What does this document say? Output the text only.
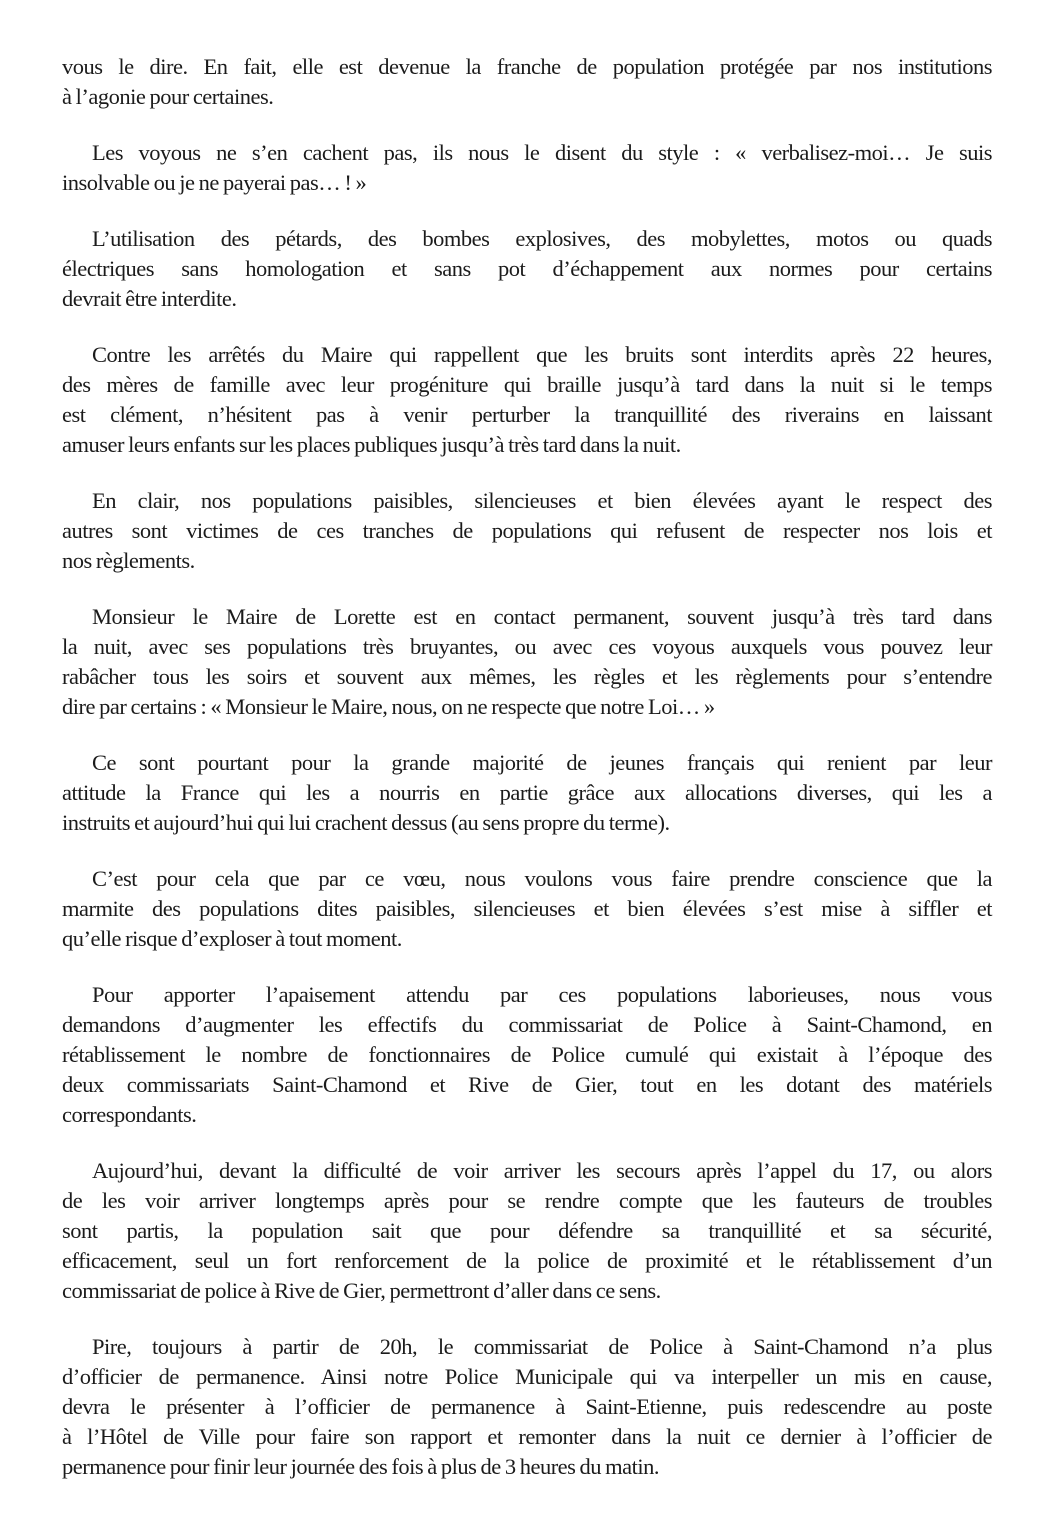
vous le dire. En fait, elle est devenue la franche de population protégée par nos institutions
à l’agonie pour certaines.

Les voyous ne s’en cachent pas, ils nous le disent du style : « verbalisez-moi… Je suis
insolvable ou je ne payerai pas… ! »

L’utilisation des pétards, des bombes explosives, des mobylettes, motos ou quads
électriques sans homologation et sans pot d’échappement aux normes pour certains
devrait être interdite.

Contre les arrêtés du Maire qui rappellent que les bruits sont interdits après 22 heures,
des mères de famille avec leur progéniture qui braille jusqu’à tard dans la nuit si le temps
est clément, n’hésitent pas à venir perturber la tranquillité des riverains en laissant
amuser leurs enfants sur les places publiques jusqu’à très tard dans la nuit.

En clair, nos populations paisibles, silencieuses et bien élevées ayant le respect des
autres sont victimes de ces tranches de populations qui refusent de respecter nos lois et
nos règlements.

Monsieur le Maire de Lorette est en contact permanent, souvent jusqu’à très tard dans
la nuit, avec ses populations très bruyantes, ou avec ces voyous auxquels vous pouvez leur
rabâcher tous les soirs et souvent aux mêmes, les règles et les règlements pour s’entendre
dire par certains : « Monsieur le Maire, nous, on ne respecte que notre Loi… »

Ce sont pourtant pour la grande majorité de jeunes français qui renient par leur
attitude la France qui les a nourris en partie grâce aux allocations diverses, qui les a
instruits et aujourd’hui qui lui crachent dessus (au sens propre du terme).

C’est pour cela que par ce vœu, nous voulons vous faire prendre conscience que la
marmite des populations dites paisibles, silencieuses et bien élevées s’est mise à siffler et
qu’elle risque d’exploser à tout moment.

Pour apporter l’apaisement attendu par ces populations laborieuses, nous vous
demandons d’augmenter les effectifs du commissariat de Police à Saint-Chamond, en
rétablissement le nombre de fonctionnaires de Police cumulé qui existait à l’époque des
deux commissariats Saint-Chamond et Rive de Gier, tout en les dotant des matériels
correspondants.

Aujourd’hui, devant la difficulté de voir arriver les secours après l’appel du 17, ou alors
de les voir arriver longtemps après pour se rendre compte que les fauteurs de troubles
sont partis, la population sait que pour défendre sa tranquillité et sa sécurité,
efficacement, seul un fort renforcement de la police de proximité et le rétablissement d’un
commissariat de police à Rive de Gier, permettront d’aller dans ce sens.

Pire, toujours à partir de 20h, le commissariat de Police à Saint-Chamond n’a plus
d’officier de permanence. Ainsi notre Police Municipale qui va interpeller un mis en cause,
devra le présenter à l’officier de permanence à Saint-Etienne, puis redescendre au poste
à l’Hôtel de Ville pour faire son rapport et remonter dans la nuit ce dernier à l’officier de
permanence pour finir leur journée des fois à plus de 3 heures du matin.
